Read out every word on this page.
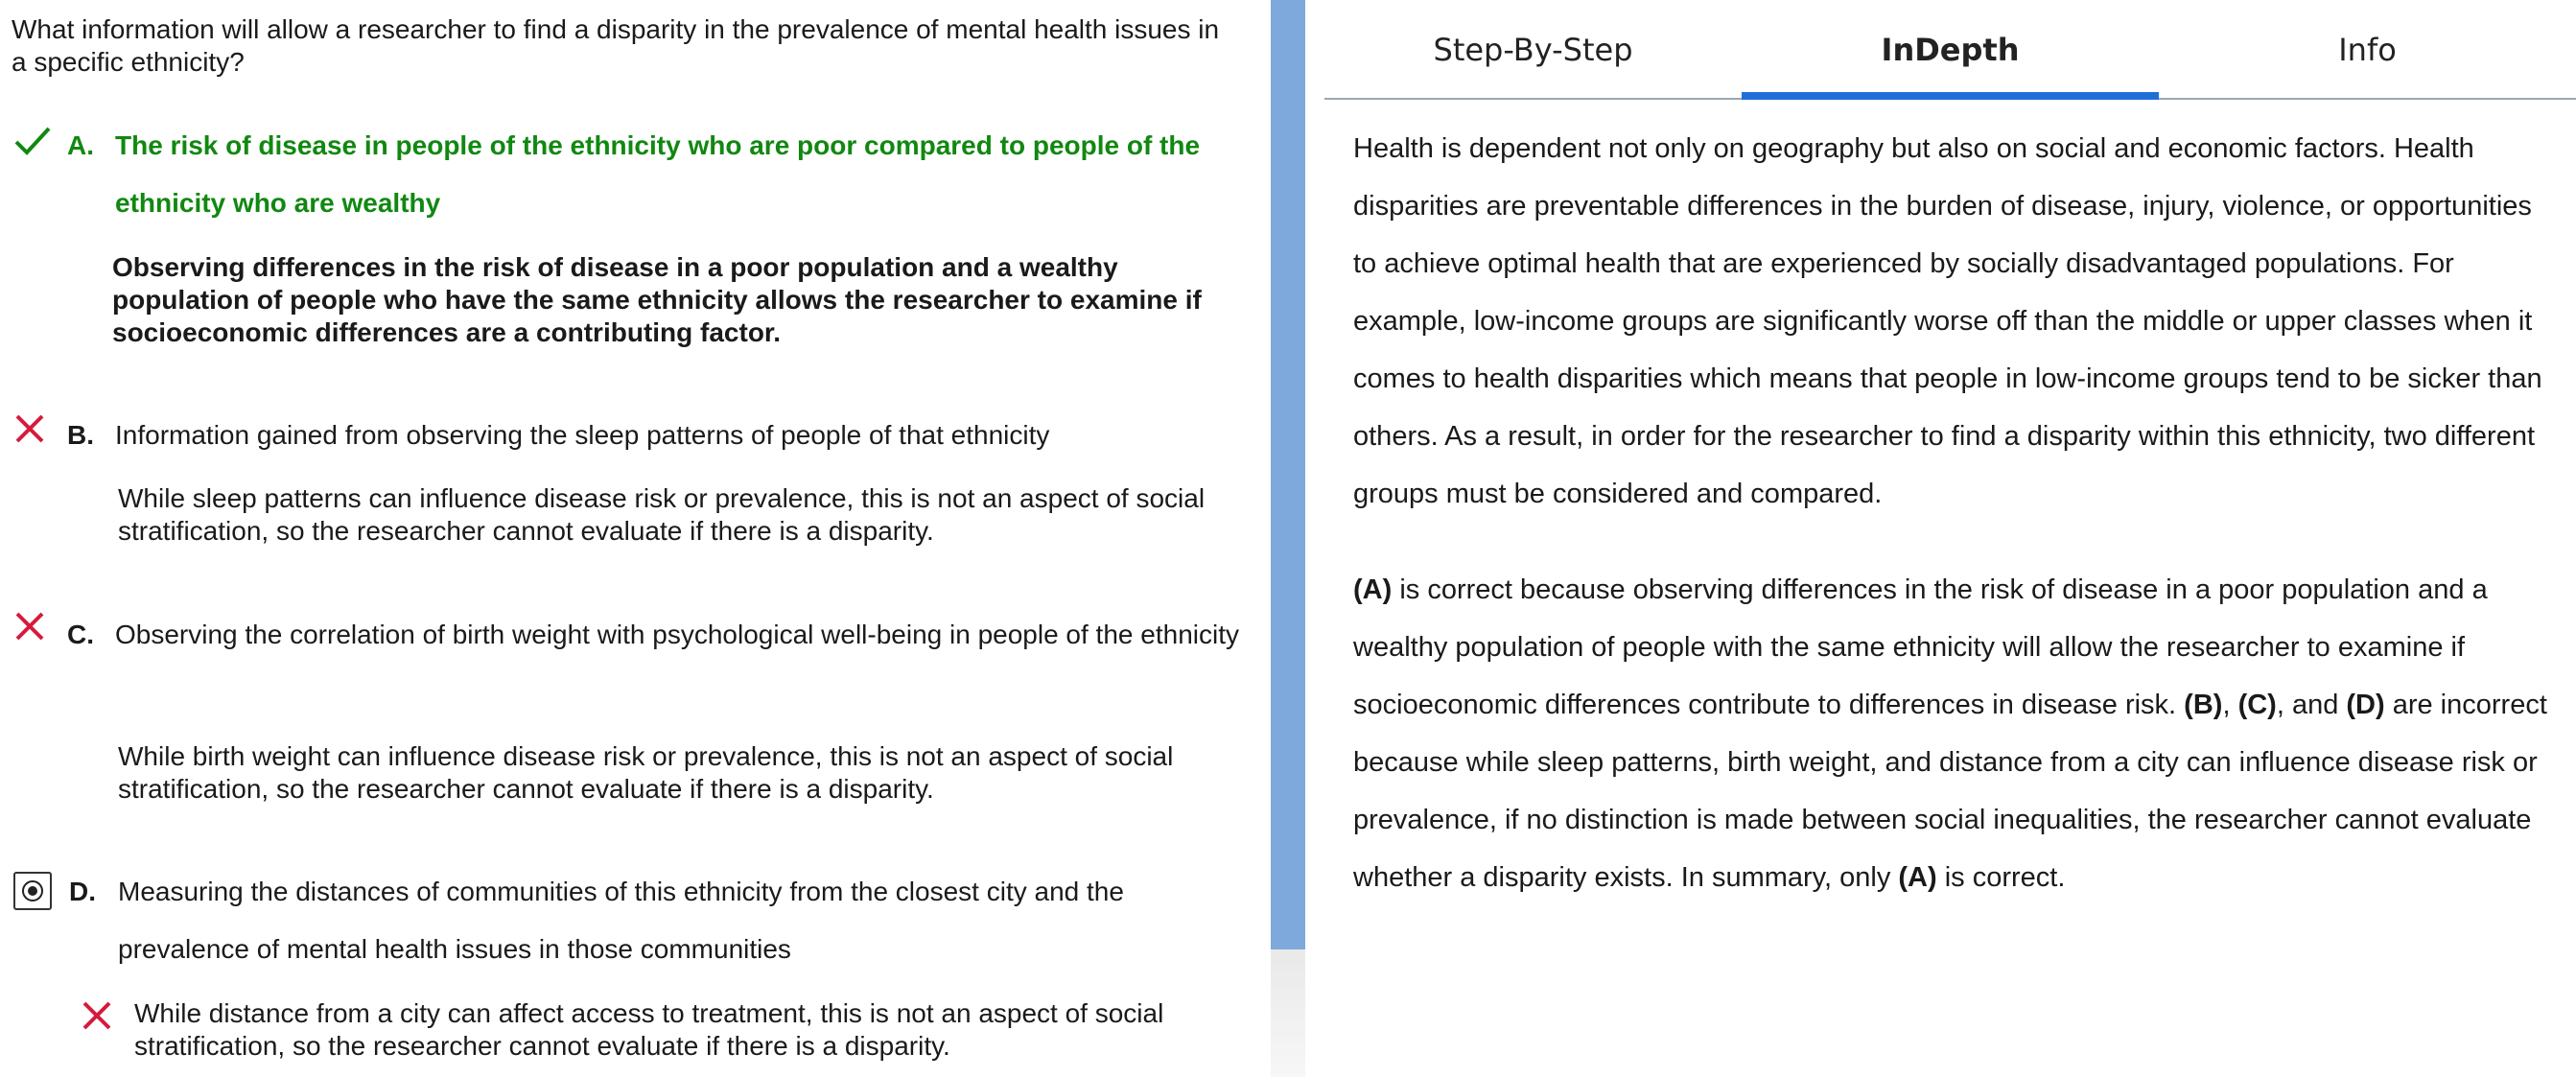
What information will allow a researcher to find a disparity in the prevalence of mental health issues in a specific ethnicity?
A. The risk of disease in people of the ethnicity who are poor compared to people of the ethnicity who are wealthy
Observing differences in the risk of disease in a poor population and a wealthy population of people who have the same ethnicity allows the researcher to examine if socioeconomic differences are a contributing factor.
B. Information gained from observing the sleep patterns of people of that ethnicity
While sleep patterns can influence disease risk or prevalence, this is not an aspect of social stratification, so the researcher cannot evaluate if there is a disparity.
C. Observing the correlation of birth weight with psychological well-being in people of the ethnicity
While birth weight can influence disease risk or prevalence, this is not an aspect of social stratification, so the researcher cannot evaluate if there is a disparity.
D. Measuring the distances of communities of this ethnicity from the closest city and the prevalence of mental health issues in those communities
While distance from a city can affect access to treatment, this is not an aspect of social stratification, so the researcher cannot evaluate if there is a disparity.
Step-By-Step	InDepth	Info

Health is dependent not only on geography but also on social and economic factors. Health disparities are preventable differences in the burden of disease, injury, violence, or opportunities to achieve optimal health that are experienced by socially disadvantaged populations. For example, low-income groups are significantly worse off than the middle or upper classes when it comes to health disparities which means that people in low-income groups tend to be sicker than others. As a result, in order for the researcher to find a disparity within this ethnicity, two different groups must be considered and compared.

(A) is correct because observing differences in the risk of disease in a poor population and a wealthy population of people with the same ethnicity will allow the researcher to examine if socioeconomic differences contribute to differences in disease risk. (B), (C), and (D) are incorrect because while sleep patterns, birth weight, and distance from a city can influence disease risk or prevalence, if no distinction is made between social inequalities, the researcher cannot evaluate whether a disparity exists. In summary, only (A) is correct.
